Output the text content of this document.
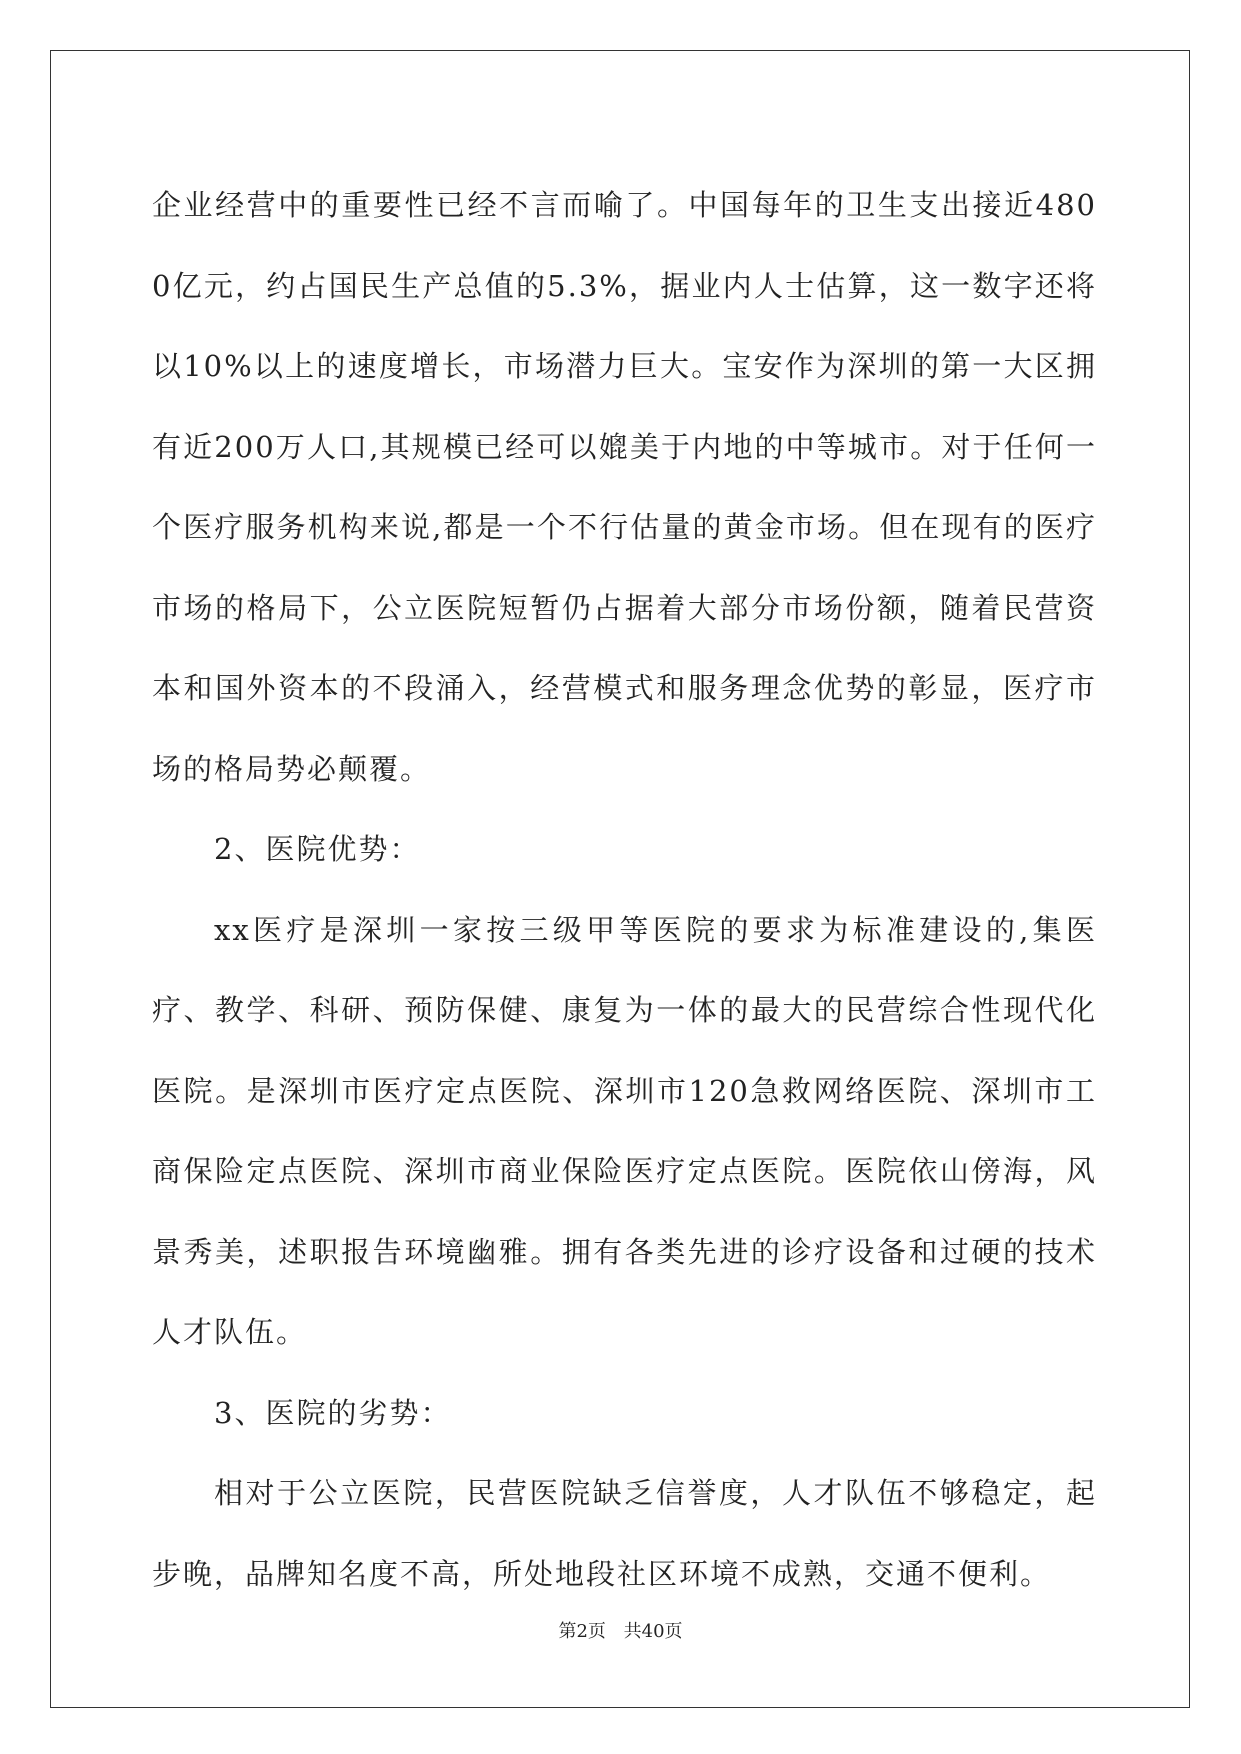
企业经营中的重要性已经不言而喻了。中国每年的卫生支出接近4800亿元，约占国民生产总值的5.3%，据业内人士估算，这一数字还将以10%以上的速度增长，市场潜力巨大。宝安作为深圳的第一大区拥有近200万人口,其规模已经可以媲美于内地的中等城市。对于任何一个医疗服务机构来说,都是一个不行估量的黄金市场。但在现有的医疗市场的格局下，公立医院短暂仍占据着大部分市场份额，随着民营资本和国外资本的不段涌入，经营模式和服务理念优势的彰显，医疗市场的格局势必颠覆。

2、医院优势：

xx医疗是深圳一家按三级甲等医院的要求为标准建设的,集医疗、教学、科研、预防保健、康复为一体的最大的民营综合性现代化医院。是深圳市医疗定点医院、深圳市120急救网络医院、深圳市工商保险定点医院、深圳市商业保险医疗定点医院。医院依山傍海，风景秀美，述职报告环境幽雅。拥有各类先进的诊疗设备和过硬的技术人才队伍。

3、医院的劣势：

相对于公立医院，民营医院缺乏信誉度，人才队伍不够稳定，起步晚，品牌知名度不高，所处地段社区环境不成熟，交通不便利。

第2页 共40页
